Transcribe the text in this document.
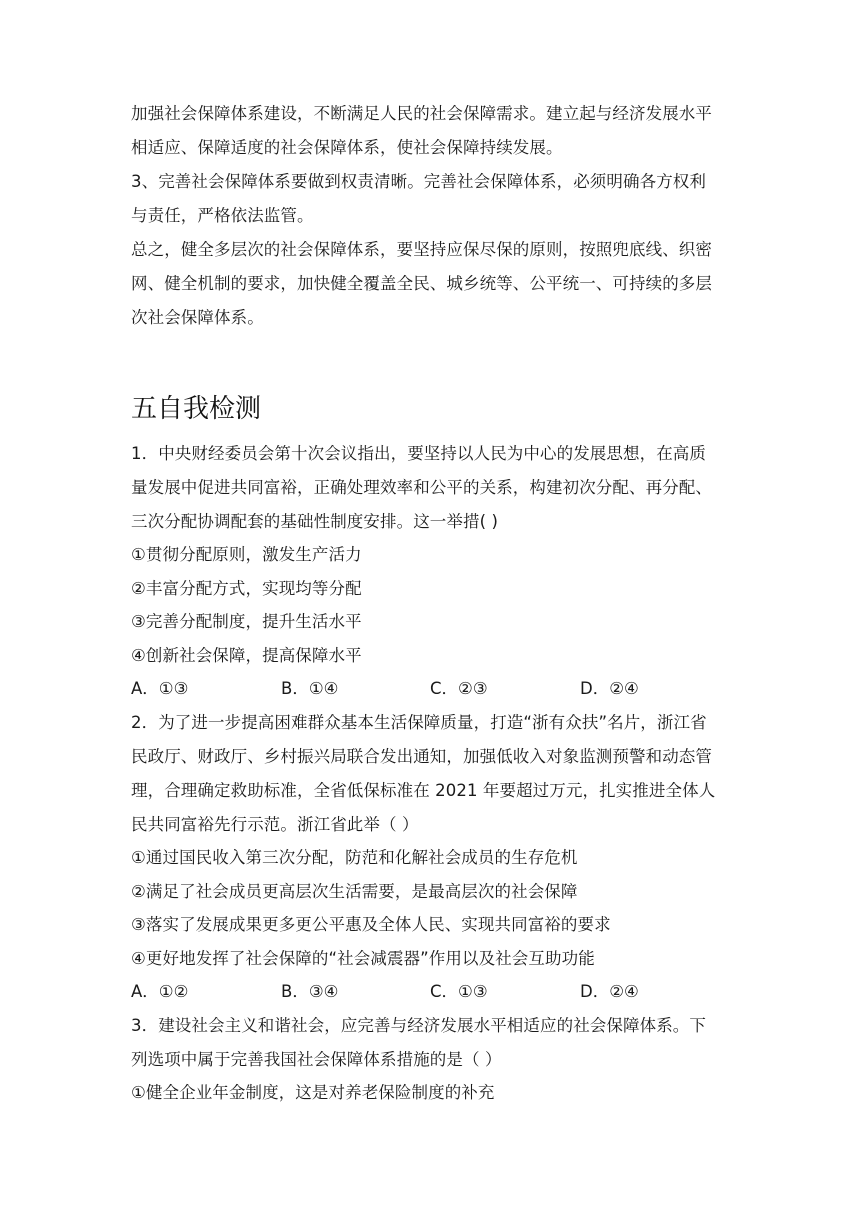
加强社会保障体系建设，不断满足人民的社会保障需求。建立起与经济发展水平
相适应、保障适度的社会保障体系，使社会保障持续发展。
3、完善社会保障体系要做到权责清晰。完善社会保障体系，必须明确各方权利
与责任，严格依法监管。
总之，健全多层次的社会保障体系，要坚持应保尽保的原则，按照兜底线、织密
网、健全机制的要求，加快健全覆盖全民、城乡统等、公平统一、可持续的多层
次社会保障体系。
五自我检测
1．中央财经委员会第十次会议指出，要坚持以人民为中心的发展思想，在高质
量发展中促进共同富裕，正确处理效率和公平的关系，构建初次分配、再分配、
三次分配协调配套的基础性制度安排。这一举措( )
①贯彻分配原则，激发生产活力
②丰富分配方式，实现均等分配
③完善分配制度，提升生活水平
④创新社会保障，提高保障水平
A．①③	B．①④	C．②③	D．②④
2．为了进一步提高困难群众基本生活保障质量，打造“浙有众扶”名片，浙江省
民政厅、财政厅、乡村振兴局联合发出通知，加强低收入对象监测预警和动态管
理，合理确定救助标准，全省低保标准在 2021 年要超过万元，扎实推进全体人
民共同富裕先行示范。浙江省此举（ ）
①通过国民收入第三次分配，防范和化解社会成员的生存危机
②满足了社会成员更高层次生活需要，是最高层次的社会保障
③落实了发展成果更多更公平惠及全体人民、实现共同富裕的要求
④更好地发挥了社会保障的“社会减震器”作用以及社会互助功能
A．①②	B．③④	C．①③	D．②④
3．建设社会主义和谐社会，应完善与经济发展水平相适应的社会保障体系。下
列选项中属于完善我国社会保障体系措施的是（ ）
①健全企业年金制度，这是对养老保险制度的补充
